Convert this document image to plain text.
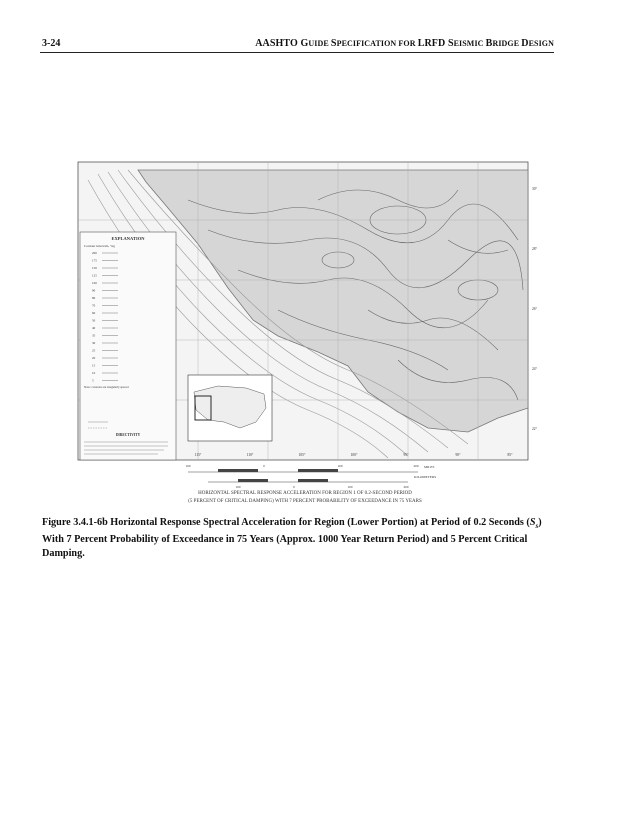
3-24	AASHTO GUIDE SPECIFICATION FOR LRFD SEISMIC BRIDGE DESIGN
EXPLANATION
Contour intervals, %g
200
175
150
125
100
90
80
70
60
50
40
35
30
25
20
15
10
5
Note: contours are irregularly spaced
DIRECTIVITY
115°	110°	105°	100°	95°	90°	85°
30°
28°
26°
24°
22°
100	0	100	200
100	0	100	200
MILES
KILOMETERS
HORIZONTAL SPECTRAL RESPONSE ACCELERATION FOR REGION 1 OF 0.2-SECOND PERIOD
(5 PERCENT OF CRITICAL DAMPING) WITH 7 PERCENT PROBABILITY OF EXCEEDANCE IN 75 YEARS
Figure 3.4.1-6b Horizontal Response Spectral Acceleration for Region (Lower Portion) at Period of 0.2 Seconds $(S_s)$ With 7 Percent Probability of Exceedance in 75 Years (Approx. 1000 Year Return Period) and 5 Percent Critical Damping.
